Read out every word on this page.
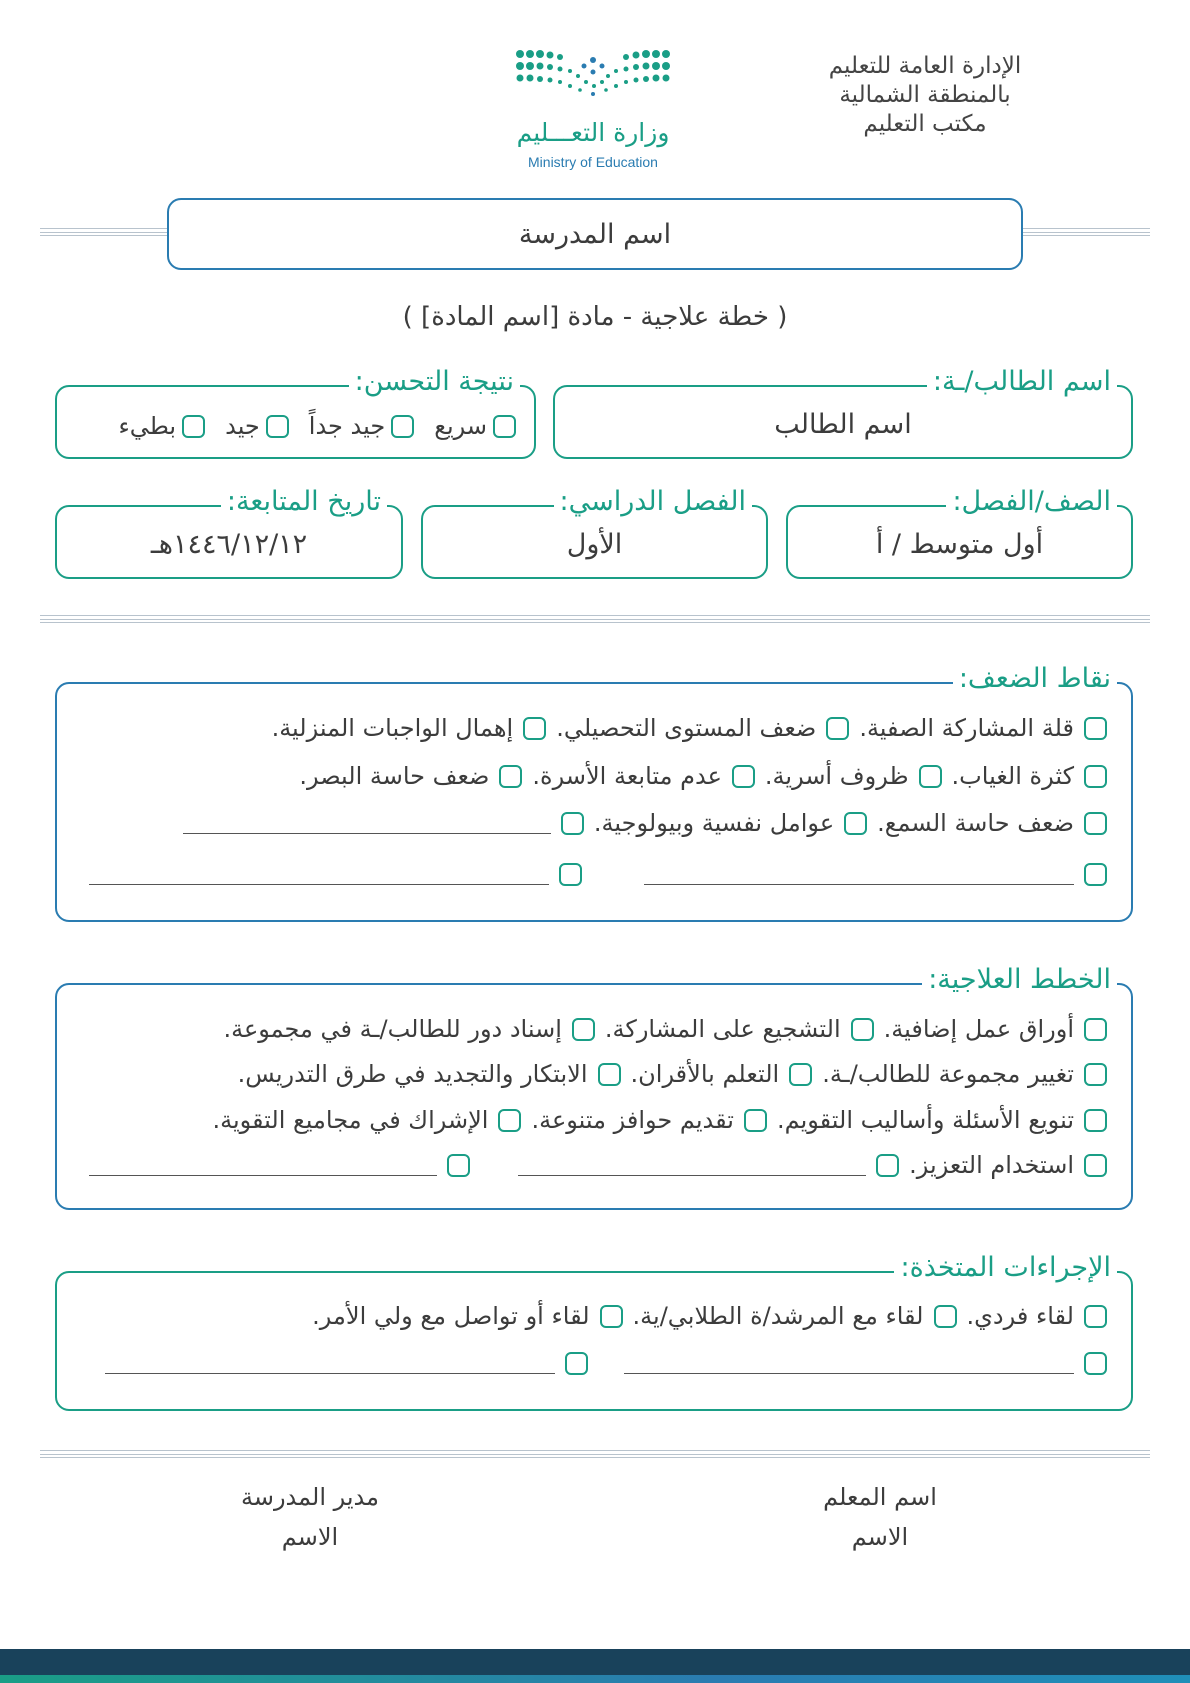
الإدارة العامة للتعليم
بالمنطقة الشمالية
مكتب التعليم
وزارة التعـــليم
Ministry of Education
اسم المدرسة
( خطة علاجية - مادة [اسم المادة] )
اسم الطالب/ـة:
اسم الطالب
نتيجة التحسن:
سريع
جيد جداً
جيد
بطيء
الصف/الفصل:
أول متوسط / أ
الفصل الدراسي:
الأول
تاريخ المتابعة:
١٤٤٦/١٢/١٢هـ
نقاط الضعف:
قلة المشاركة الصفية.
ضعف المستوى التحصيلي.
إهمال الواجبات المنزلية.
كثرة الغياب.
ظروف أسرية.
عدم متابعة الأسرة.
ضعف حاسة البصر.
ضعف حاسة السمع.
عوامل نفسية وبيولوجية.
الخطط العلاجية:
أوراق عمل إضافية.
التشجيع على المشاركة.
إسناد دور للطالب/ـة في مجموعة.
تغيير مجموعة للطالب/ـة.
التعلم بالأقران.
الابتكار والتجديد في طرق التدريس.
تنويع الأسئلة وأساليب التقويم.
تقديم حوافز متنوعة.
الإشراك في مجاميع التقوية.
استخدام التعزيز.
الإجراءات المتخذة:
لقاء فردي.
لقاء مع المرشد/ة الطلابي/ية.
لقاء أو تواصل مع ولي الأمر.
اسم المعلم
الاسم
مدير المدرسة
الاسم
